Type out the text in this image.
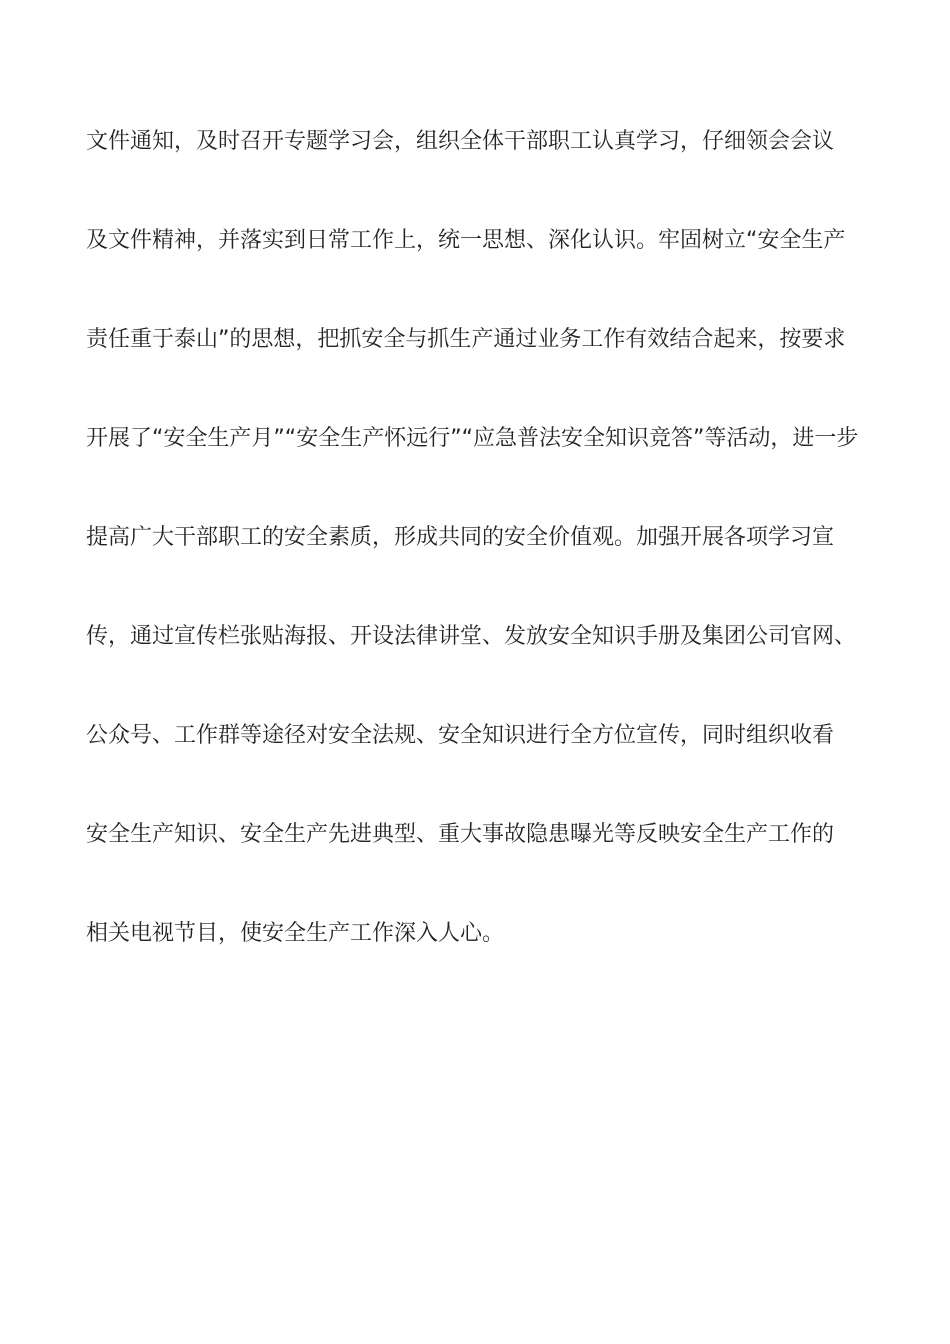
文件通知，及时召开专题学习会，组织全体干部职工认真学习，仔细领会会议
及文件精神，并落实到日常工作上，统一思想、深化认识。牢固树立“安全生产
责任重于泰山”的思想，把抓安全与抓生产通过业务工作有效结合起来，按要求
开展了“安全生产月”“安全生产怀远行”“应急普法安全知识竞答”等活动，进一步
提高广大干部职工的安全素质，形成共同的安全价值观。加强开展各项学习宣
传，通过宣传栏张贴海报、开设法律讲堂、发放安全知识手册及集团公司官网、
公众号、工作群等途径对安全法规、安全知识进行全方位宣传，同时组织收看
安全生产知识、安全生产先进典型、重大事故隐患曝光等反映安全生产工作的
相关电视节目，使安全生产工作深入人心。
